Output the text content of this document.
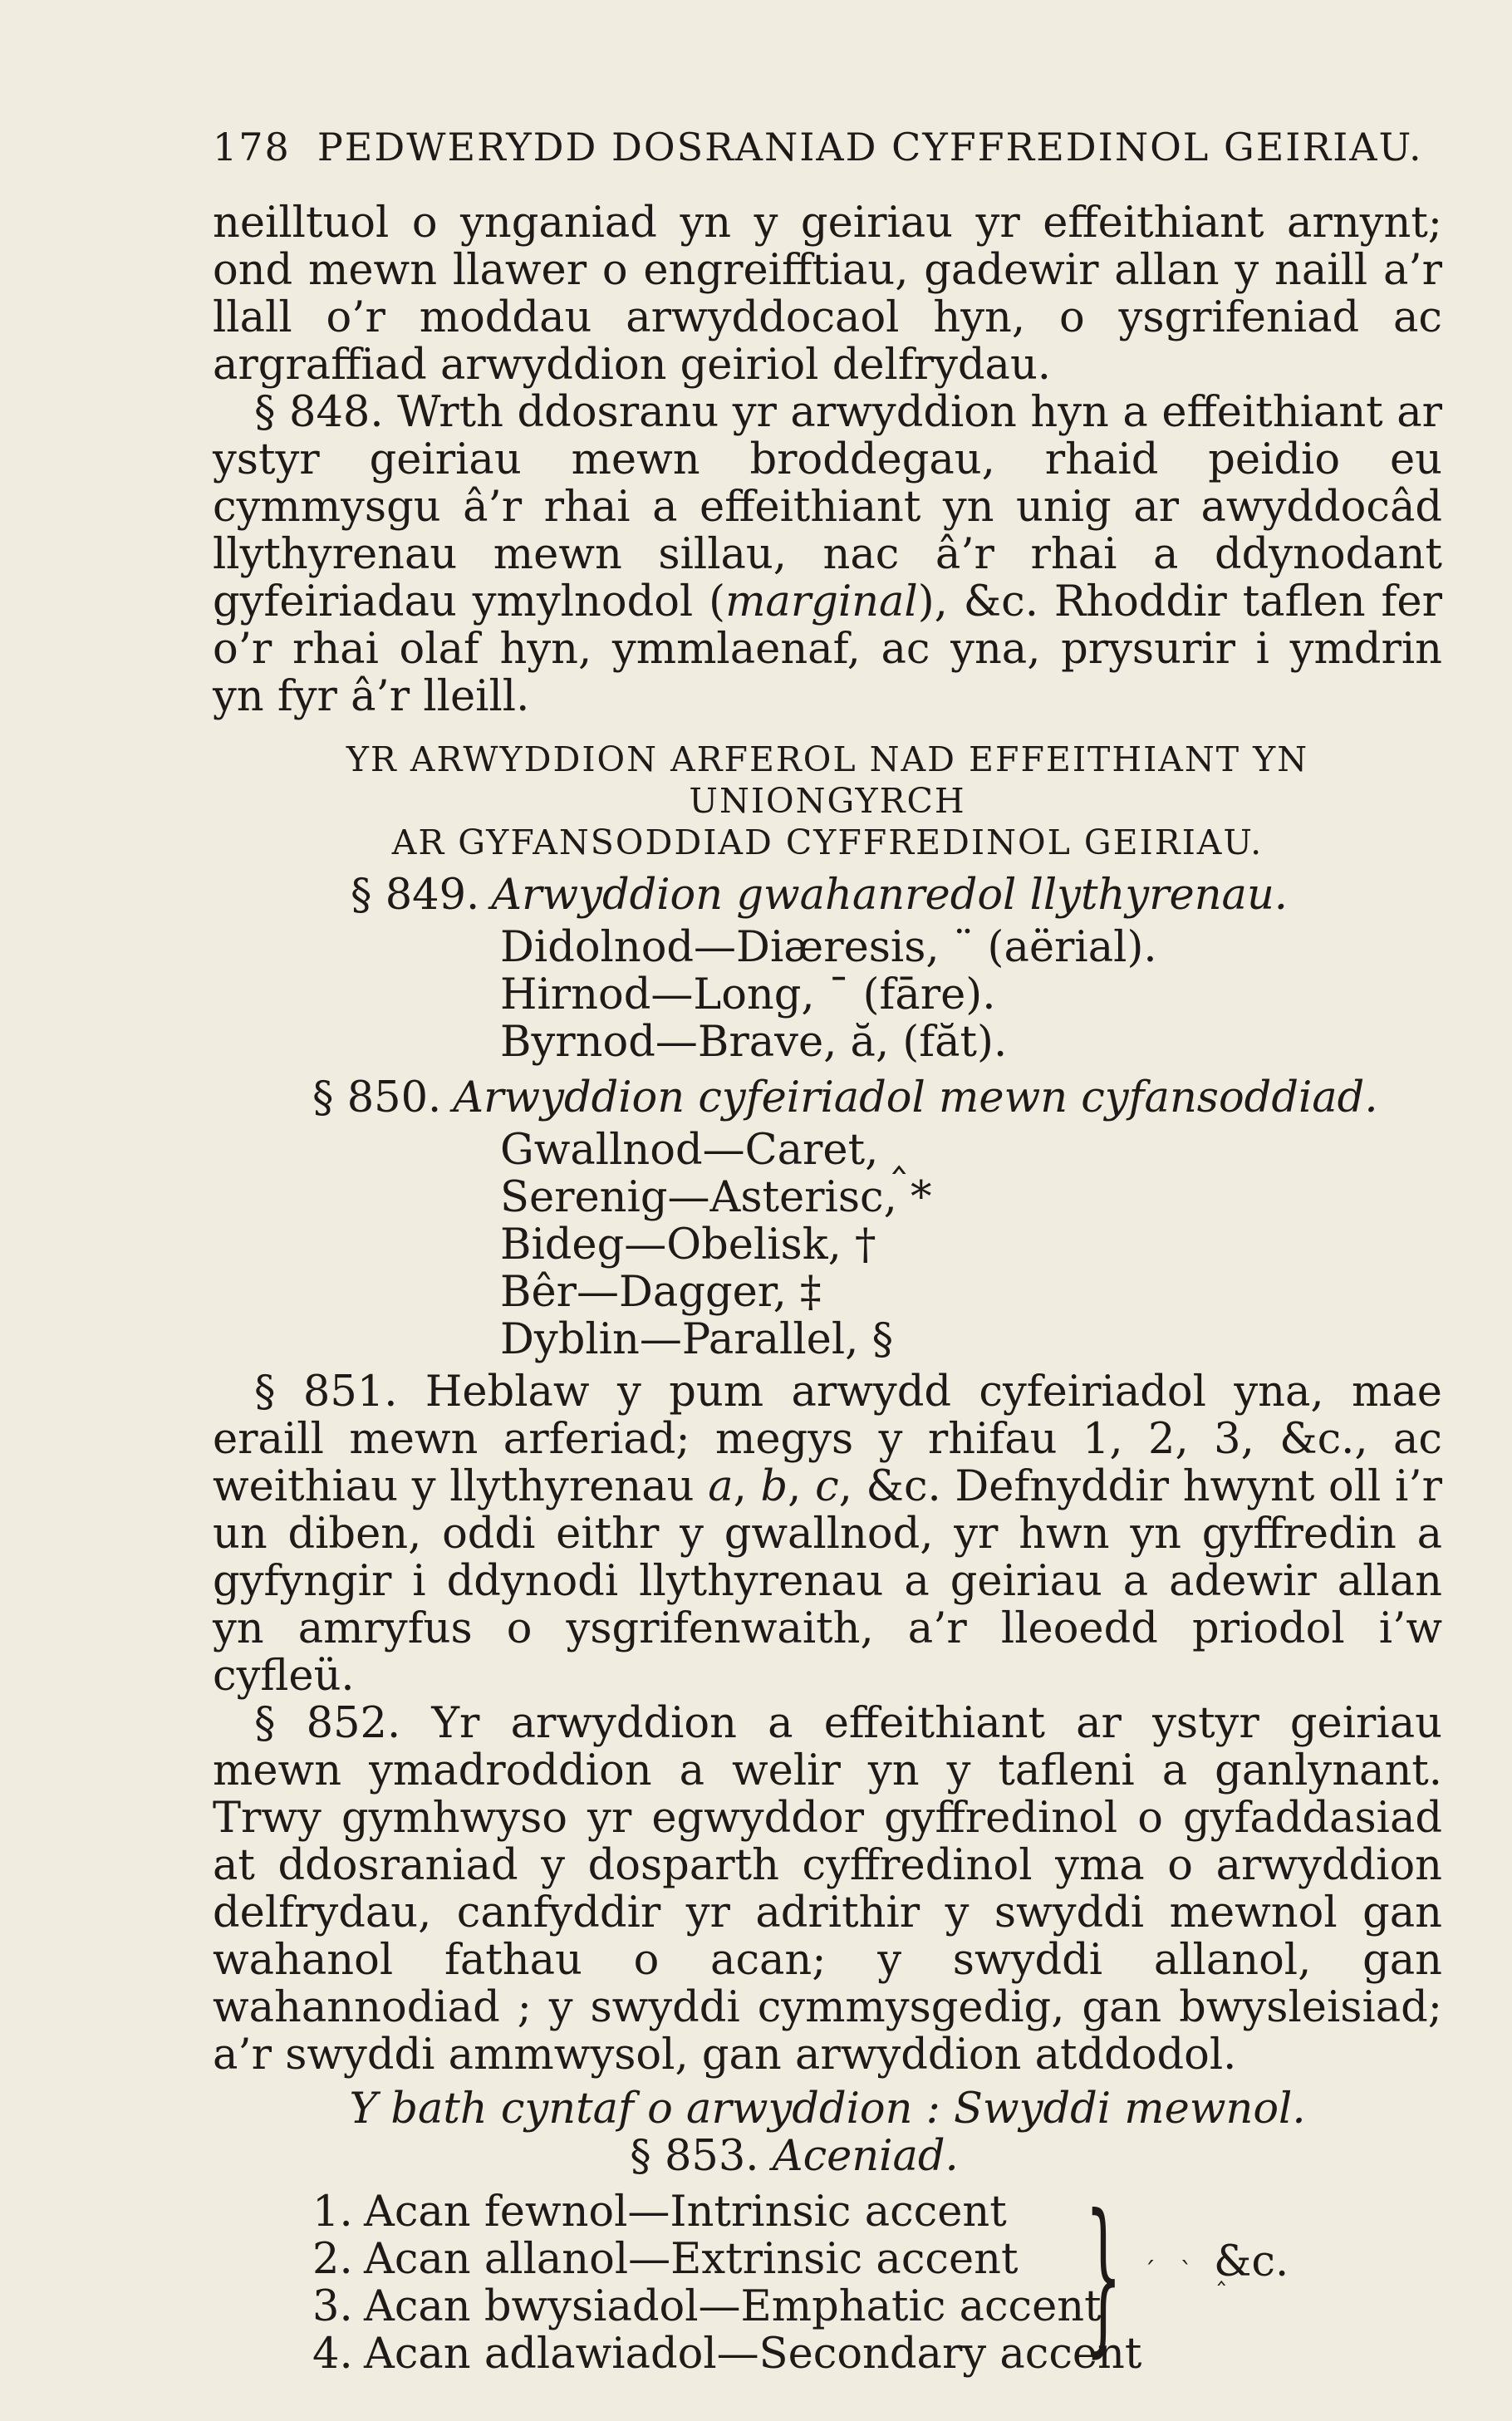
178 PEDWERYDD DOSRANIAD CYFFREDINOL GEIRIAU.

neilltuol o ynganiad yn y geiriau yr effeithiant arnynt; ond mewn llawer o engreifftiau, gadewir allan y naill a’r llall o’r moddau arwyddocaol hyn, o ysgrifeniad ac argraffiad arwyddion geiriol delfrydau.

§ 848. Wrth ddosranu yr arwyddion hyn a effeithiant ar ystyr geiriau mewn broddegau, rhaid peidio eu cymmysgu â’r rhai a effeithiant yn unig ar awyddocâd llythyrenau mewn sillau, nac â’r rhai a ddynodant gyfeiriadau ymylnodol (marginal), &c. Rhoddir taflen fer o’r rhai olaf hyn, ymmlaenaf, ac yna, prysurir i ymdrin yn fyr â’r lleill.

YR ARWYDDION ARFEROL NAD EFFEITHIANT YN UNIONGYRCH
AR GYFANSODDIAD CYFFREDINOL GEIRIAU.
§ 849. Arwyddion gwahanredol llythyrenau.
Didolnod—Diæresis, ¨ (aërial).
Hirnod—Long, ¯ (fāre).
Byrnod—Brave, ă, (făt).
§ 850. Arwyddion cyfeiriadol mewn cyfansoddiad.
Gwallnod—Caret, ‸
Serenig—Asterisc, *
Bideg—Obelisk, †
Bêr—Dagger, ‡
Dyblin—Parallel, §

§ 851. Heblaw y pum arwydd cyfeiriadol yna, mae eraill mewn arferiad; megys y rhifau 1, 2, 3, &c., ac weithiau y llythyrenau a, b, c, &c. Defnyddir hwynt oll i’r un diben, oddi eithr y gwallnod, yr hwn yn gyffredin a gyfyngir i ddynodi llythyrenau a geiriau a adewir allan yn amryfus o ysgrifenwaith, a’r lleoedd priodol i’w cyfleü.

§ 852. Yr arwyddion a effeithiant ar ystyr geiriau mewn ymadroddion a welir yn y tafleni a ganlynant. Trwy gymhwyso yr egwyddor gyffredinol o gyfaddasiad at ddosraniad y dosparth cyffredinol yma o arwyddion delfrydau, canfyddir yr adrithir y swyddi mewnol gan wahanol fathau o acan; y swyddi allanol, gan wahannodiad ; y swyddi cymmysgedig, gan bwysleisiad; a’r swyddi ammwysol, gan arwyddion atddodol.

Y bath cyntaf o arwyddion : Swyddi mewnol.
§ 853. Aceniad.
1. Acan fewnol—Intrinsic accent
2. Acan allanol—Extrinsic accent
3. Acan bwysiadol—Emphatic accent
4. Acan adlawiadol—Secondary accent
} ´ ˋ ‸
&c.
